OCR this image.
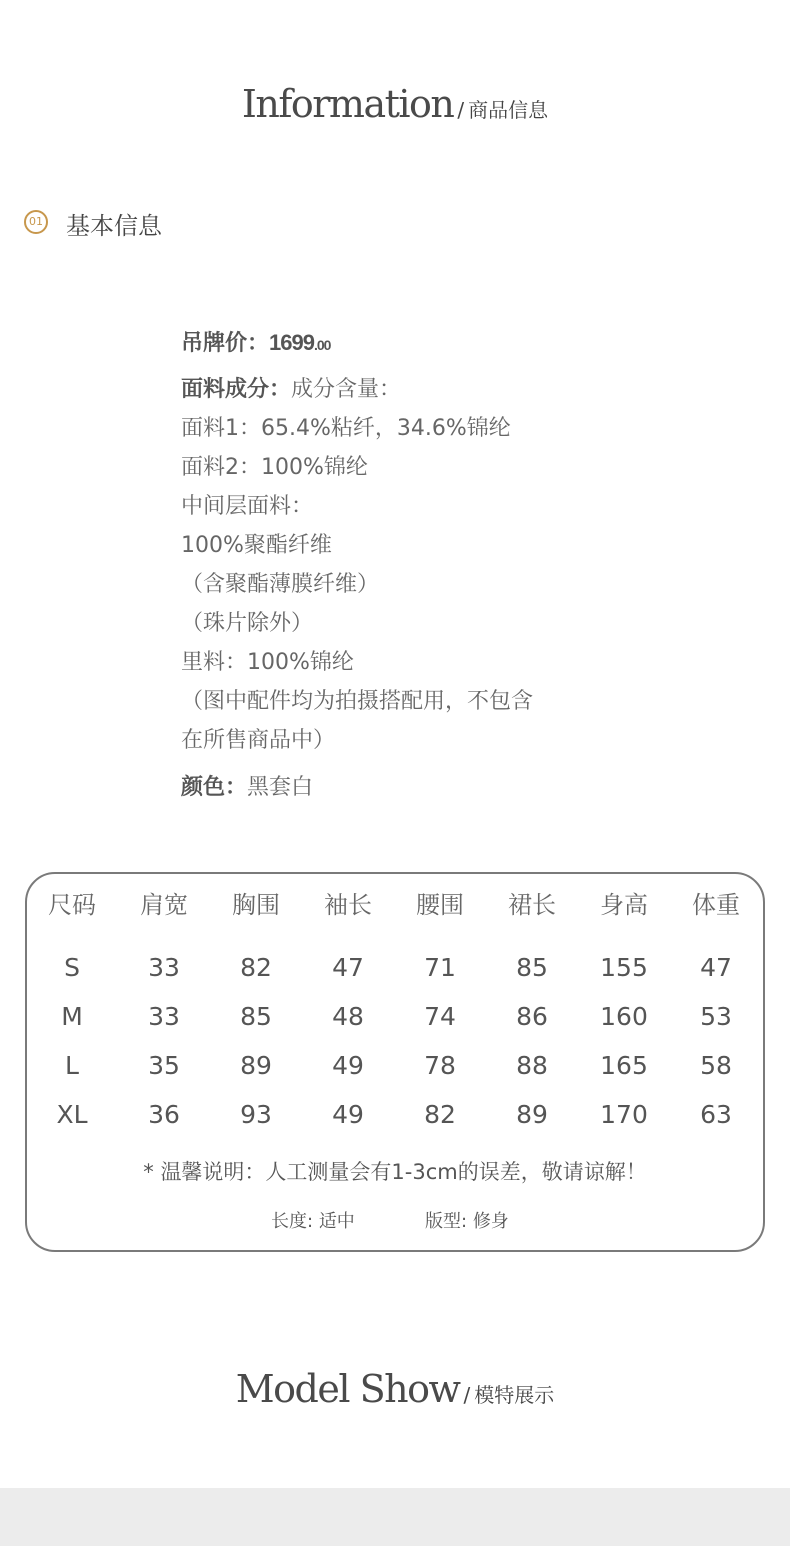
Information / 商品信息
01 基本信息
吊牌价：1699.00
面料成分：成分含量：
面料1：65.4%粘纤，34.6%锦纶
面料2：100%锦纶
中间层面料：
100%聚酯纤维
（含聚酯薄膜纤维）
（珠片除外）
里料：100%锦纶
（图中配件均为拍摄搭配用，不包含
在所售商品中）
颜色：黑套白
尺码	肩宽	胸围	袖长	腰围	裙长	身高	体重
S	33	82	47	71	85	155	47
M	33	85	48	74	86	160	53
L	35	89	49	78	88	165	58
XL	36	93	49	82	89	170	63
* 温馨说明：人工测量会有1-3cm的误差，敬请谅解！
长度: 适中	版型: 修身
Model Show / 模特展示
